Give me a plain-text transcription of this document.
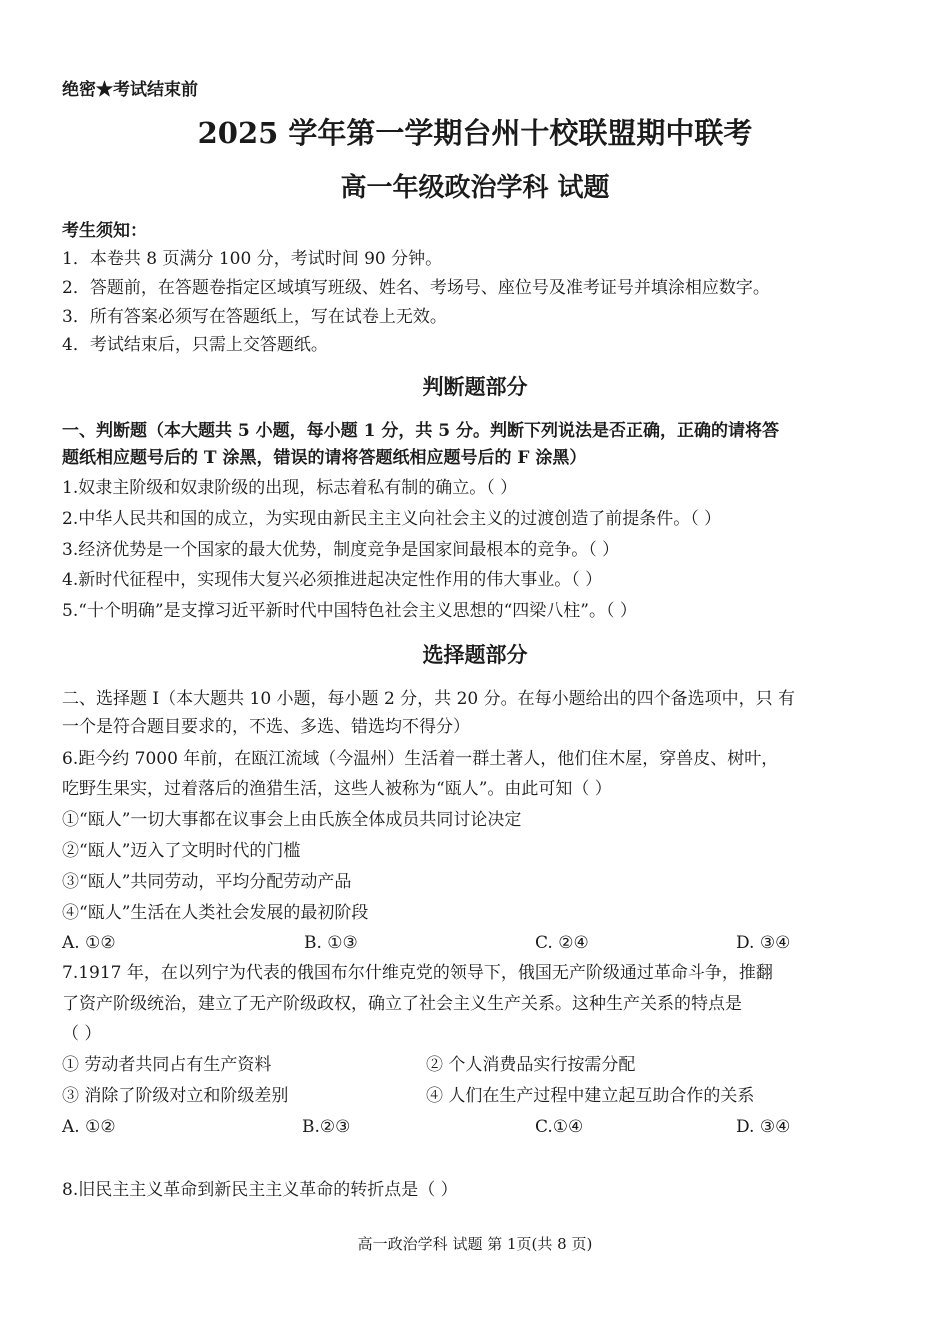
绝密★考试结束前
2025 学年第一学期台州十校联盟期中联考
高一年级政治学科 试题
考生须知：
1．本卷共 8 页满分 100 分，考试时间 90 分钟。
2．答题前，在答题卷指定区域填写班级、姓名、考场号、座位号及准考证号并填涂相应数字。
3．所有答案必须写在答题纸上，写在试卷上无效。
4．考试结束后，只需上交答题纸。
判断题部分
一、判断题（本大题共 5 小题，每小题 1 分，共 5 分。判断下列说法是否正确，正确的请将答
题纸相应题号后的 T 涂黑，错误的请将答题纸相应题号后的 F 涂黑）
1.奴隶主阶级和奴隶阶级的出现，标志着私有制的确立。（ ）
2.中华人民共和国的成立，为实现由新民主主义向社会主义的过渡创造了前提条件。（ ）
3.经济优势是一个国家的最大优势，制度竞争是国家间最根本的竞争。（ ）
4.新时代征程中，实现伟大复兴必须推进起决定性作用的伟大事业。（ ）
5.“十个明确”是支撑习近平新时代中国特色社会主义思想的“四梁八柱”。（ ）
选择题部分
二、选择题 I（本大题共 10 小题，每小题 2 分，共 20 分。在每小题给出的四个备选项中，只 有
一个是符合题目要求的，不选、多选、错选均不得分）
6.距今约 7000 年前，在瓯江流域（今温州）生活着一群土著人，他们住木屋，穿兽皮、树叶，
吃野生果实，过着落后的渔猎生活，这些人被称为“瓯人”。由此可知（ ）
①“瓯人”一切大事都在议事会上由氏族全体成员共同讨论决定
②“瓯人”迈入了文明时代的门槛
③“瓯人”共同劳动，平均分配劳动产品
④“瓯人”生活在人类社会发展的最初阶段
A. ①②	B. ①③	C. ②④	D. ③④
7.1917 年，在以列宁为代表的俄国布尔什维克党的领导下，俄国无产阶级通过革命斗争，推翻
了资产阶级统治，建立了无产阶级政权，确立了社会主义生产关系。这种生产关系的特点是
（ ）
① 劳动者共同占有生产资料	② 个人消费品实行按需分配
③ 消除了阶级对立和阶级差别	④ 人们在生产过程中建立起互助合作的关系
A. ①②	B.②③	C.①④	D. ③④
8.旧民主主义革命到新民主主义革命的转折点是（ ）
高一政治学科 试题 第 1页(共 8 页)
